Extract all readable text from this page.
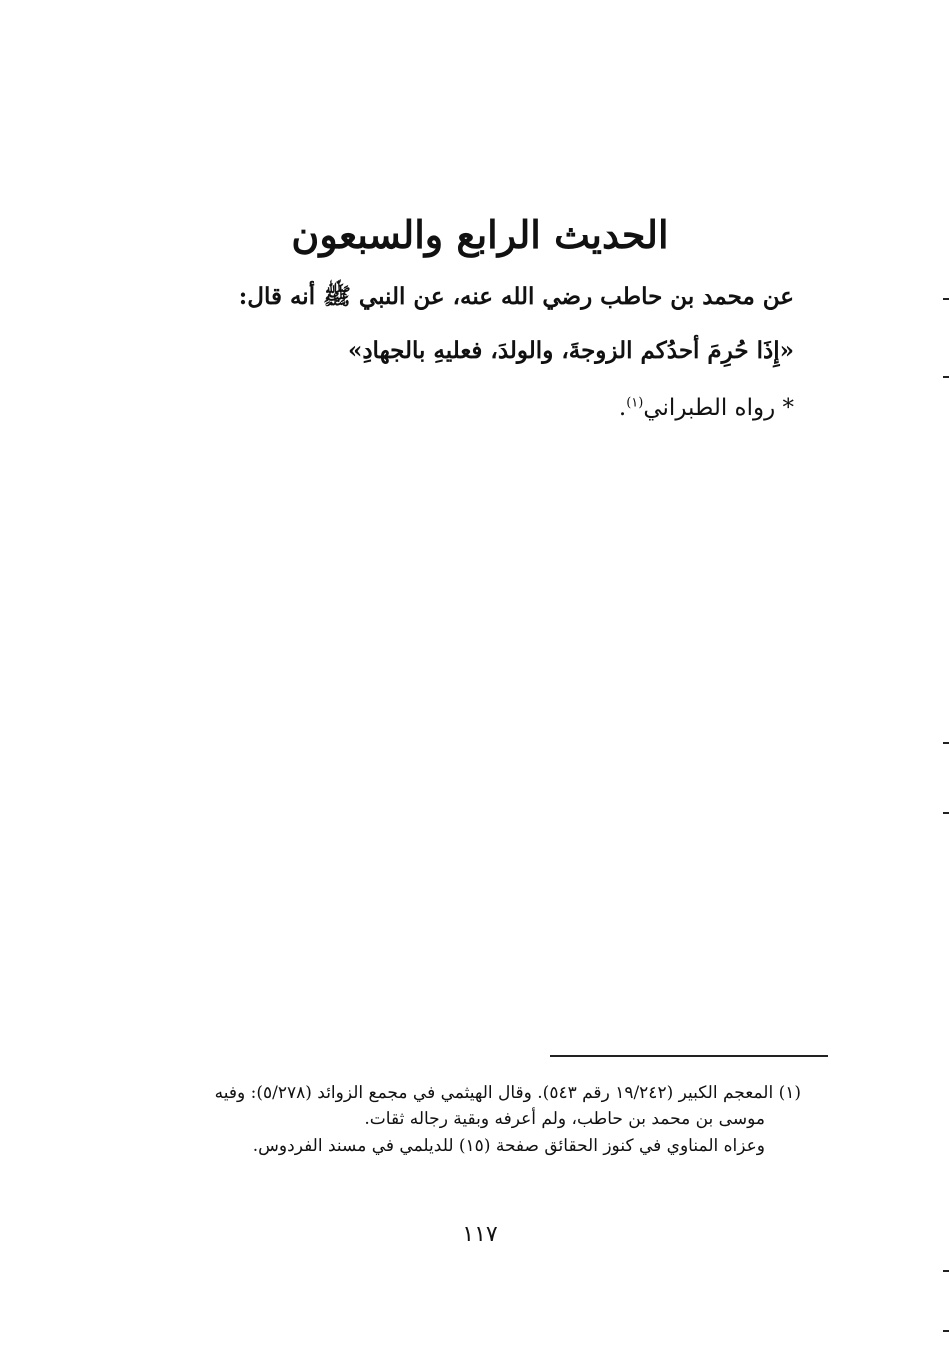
الحديث الرابع والسبعون
عن محمد بن حاطب رضي الله عنه، عن النبي ﷺ أنه قال:
«إِذَا حُرِمَ أحدُكم الزوجةَ، والولدَ، فعليهِ بالجهادِ»
* رواه الطبراني$^{(١)}$.
(١) المعجم الكبير (١٩/٢٤٢ رقم ٥٤٣). وقال الهيثمي في مجمع الزوائد (٥/٢٧٨): وفيه
موسى بن محمد بن حاطب، ولم أعرفه وبقية رجاله ثقات.
وعزاه المناوي في كنوز الحقائق صفحة (١٥) للديلمي في مسند الفردوس.
١١٧
